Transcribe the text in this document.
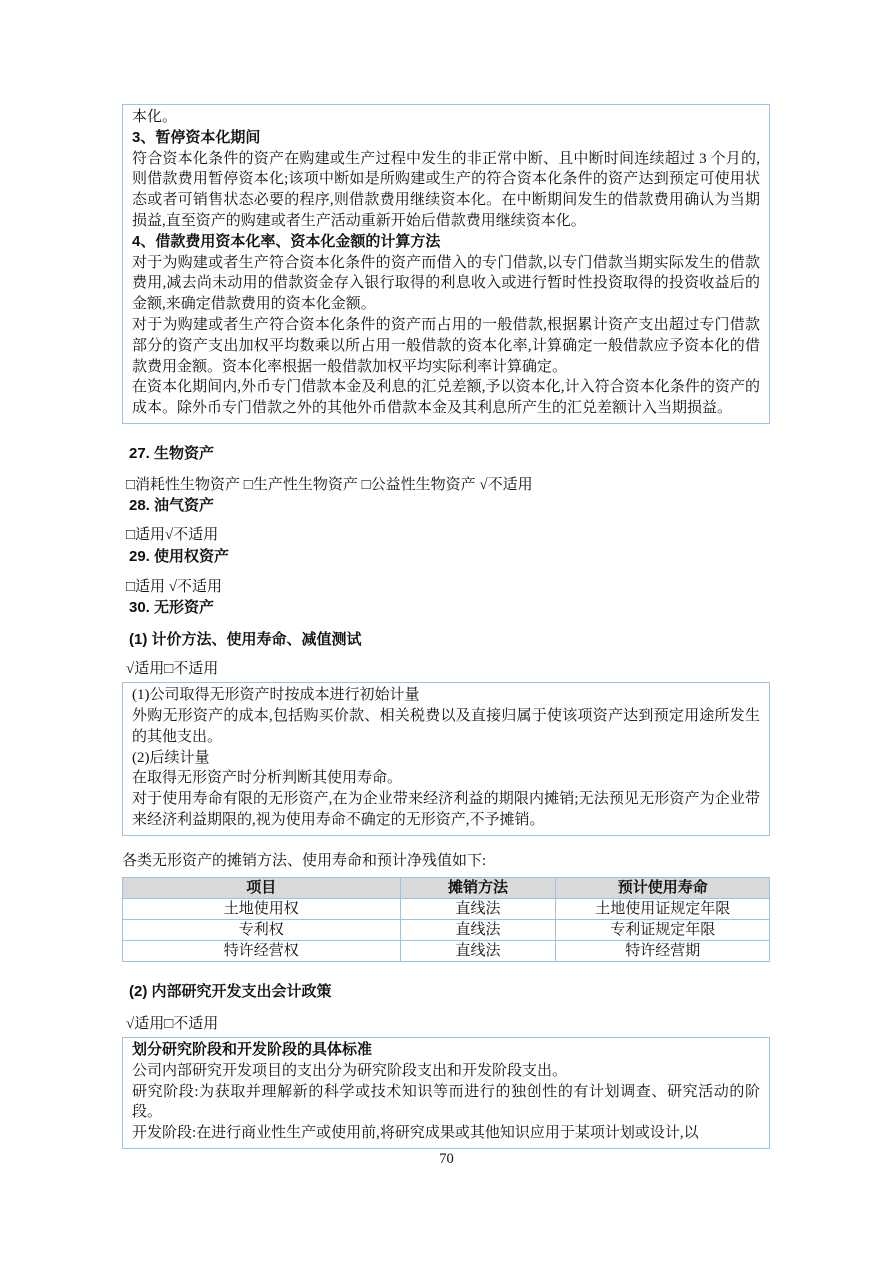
本化。

3、暂停资本化期间

符合资本化条件的资产在购建或生产过程中发生的非正常中断、且中断时间连续超过 3 个月的,则借款费用暂停资本化;该项中断如是所购建或生产的符合资本化条件的资产达到预定可使用状态或者可销售状态必要的程序,则借款费用继续资本化。在中断期间发生的借款费用确认为当期损益,直至资产的购建或者生产活动重新开始后借款费用继续资本化。

4、借款费用资本化率、资本化金额的计算方法

对于为购建或者生产符合资本化条件的资产而借入的专门借款,以专门借款当期实际发生的借款费用,减去尚未动用的借款资金存入银行取得的利息收入或进行暂时性投资取得的投资收益后的金额,来确定借款费用的资本化金额。

对于为购建或者生产符合资本化条件的资产而占用的一般借款,根据累计资产支出超过专门借款部分的资产支出加权平均数乘以所占用一般借款的资本化率,计算确定一般借款应予资本化的借款费用金额。资本化率根据一般借款加权平均实际利率计算确定。

在资本化期间内,外币专门借款本金及利息的汇兑差额,予以资本化,计入符合资本化条件的资产的成本。除外币专门借款之外的其他外币借款本金及其利息所产生的汇兑差额计入当期损益。

27. 生物资产

□消耗性生物资产 □生产性生物资产 □公益性生物资产 √不适用

28. 油气资产

□适用√不适用

29. 使用权资产

□适用 √不适用

30. 无形资产
(1) 计价方法、使用寿命、减值测试

√适用□不适用

(1)公司取得无形资产时按成本进行初始计量

外购无形资产的成本,包括购买价款、相关税费以及直接归属于使该项资产达到预定用途所发生的其他支出。

(2)后续计量

在取得无形资产时分析判断其使用寿命。

对于使用寿命有限的无形资产,在为企业带来经济利益的期限内摊销;无法预见无形资产为企业带来经济利益期限的,视为使用寿命不确定的无形资产,不予摊销。

各类无形资产的摊销方法、使用寿命和预计净残值如下:

项目	摊销方法	预计使用寿命
土地使用权	直线法	土地使用证规定年限
专利权	直线法	专利证规定年限
特许经营权	直线法	特许经营期
(2) 内部研究开发支出会计政策

√适用□不适用

划分研究阶段和开发阶段的具体标准

公司内部研究开发项目的支出分为研究阶段支出和开发阶段支出。

研究阶段:为获取并理解新的科学或技术知识等而进行的独创性的有计划调查、研究活动的阶段。

开发阶段:在进行商业性生产或使用前,将研究成果或其他知识应用于某项计划或设计,以

70
